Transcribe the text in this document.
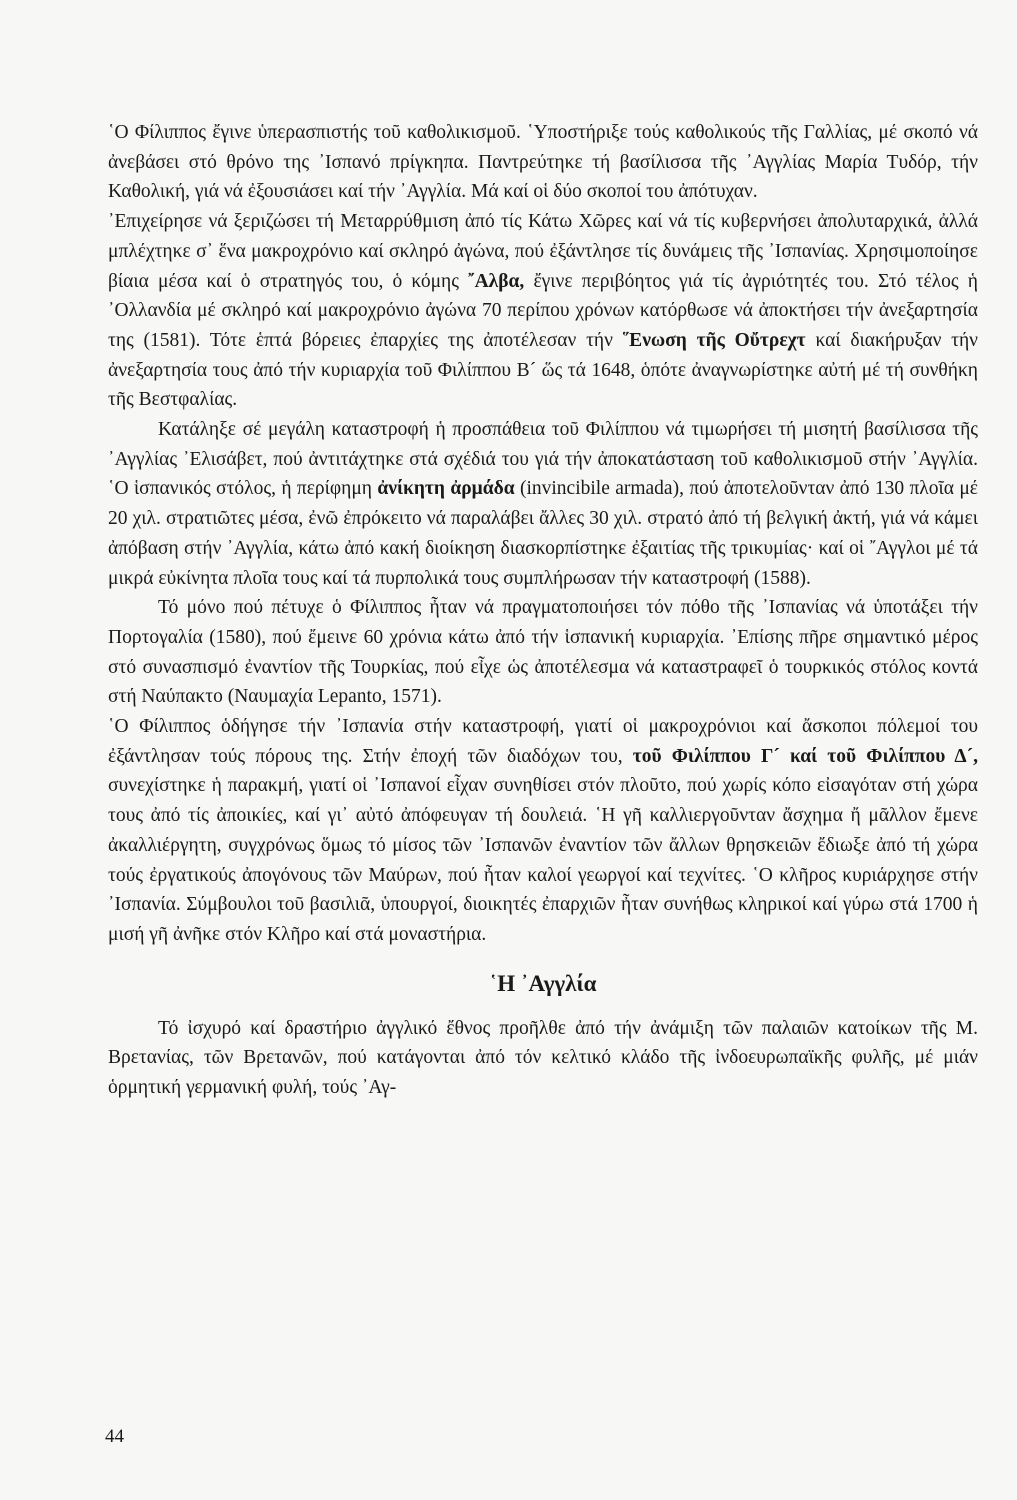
῾Ο Φίλιππος ἔγινε ὑπερασπιστής τοῦ καθολικισμοῦ. ῾Υποστήριξε τούς καθολικούς τῆς Γαλλίας, μέ σκοπό νά ἀνεβάσει στό θρόνο της ᾽Ισπανό πρίγκηπα. Παντρεύτηκε τή βασίλισσα τῆς ᾽Αγγλίας Μαρία Τυδόρ, τήν Καθολική, γιά νά ἐξουσιάσει καί τήν ᾽Αγγλία. Μά καί οἱ δύο σκοποί του ἀπότυχαν.

᾽Επιχείρησε νά ξεριζώσει τή Μεταρρύθμιση ἀπό τίς Κάτω Χῶρες καί νά τίς κυβερνήσει ἀπολυταρχικά, ἀλλά μπλέχτηκε σ᾽ ἕνα μακροχρόνιο καί σκληρό ἀγώνα, πού ἐξάντλησε τίς δυνάμεις τῆς ᾽Ισπανίας. Χρησιμοποίησε βίαια μέσα καί ὁ στρατηγός του, ὁ κόμης ῎Αλβα, ἔγινε περιβόητος γιά τίς ἀγριότητές του. Στό τέλος ἡ ᾽Ολλανδία μέ σκληρό καί μακροχρόνιο ἀγώνα 70 περίπου χρόνων κατόρθωσε νά ἀποκτήσει τήν ἀνεξαρτησία της (1581). Τότε ἑπτά βόρειες ἐπαρχίες της ἀποτέλεσαν τήν ῞Ενωση τῆς Οὔτρεχτ καί διακήρυξαν τήν ἀνεξαρτησία τους ἀπό τήν κυριαρχία τοῦ Φιλίππου Β´ ὥς τά 1648, ὁπότε ἀναγνωρίστηκε αὐτή μέ τή συνθήκη τῆς Βεστφαλίας.

Κατάληξε σέ μεγάλη καταστροφή ἡ προσπάθεια τοῦ Φιλίππου νά τιμωρήσει τή μισητή βασίλισσα τῆς ᾽Αγγλίας ᾽Ελισάβετ, πού ἀντιτάχτηκε στά σχέδιά του γιά τήν ἀποκατάσταση τοῦ καθολικισμοῦ στήν ᾽Αγγλία. ῾Ο ἱσπανικός στόλος, ἡ περίφημη ἀνίκητη ἀρμάδα (invincibile armada), πού ἀποτελοῦνταν ἀπό 130 πλοῖα μέ 20 χιλ. στρατιῶτες μέσα, ἐνῶ ἐπρόκειτο νά παραλάβει ἄλλες 30 χιλ. στρατό ἀπό τή βελγική ἀκτή, γιά νά κάμει ἀπόβαση στήν ᾽Αγγλία, κάτω ἀπό κακή διοίκηση διασκορπίστηκε ἐξαιτίας τῆς τρικυμίας· καί οἱ ῎Αγγλοι μέ τά μικρά εὐκίνητα πλοῖα τους καί τά πυρπολικά τους συμπλήρωσαν τήν καταστροφή (1588).

Τό μόνο πού πέτυχε ὁ Φίλιππος ἦταν νά πραγματοποιήσει τόν πόθο τῆς ᾽Ισπανίας νά ὑποτάξει τήν Πορτογαλία (1580), πού ἔμεινε 60 χρόνια κάτω ἀπό τήν ἱσπανική κυριαρχία. ᾽Επίσης πῆρε σημαντικό μέρος στό συνασπισμό ἐναντίον τῆς Τουρκίας, πού εἶχε ὡς ἀποτέλεσμα νά καταστραφεῖ ὁ τουρκικός στόλος κοντά στή Ναύπακτο (Ναυμαχία Lepanto, 1571).

῾Ο Φίλιππος ὁδήγησε τήν ᾽Ισπανία στήν καταστροφή, γιατί οἱ μακροχρόνιοι καί ἄσκοποι πόλεμοί του ἐξάντλησαν τούς πόρους της. Στήν ἐποχή τῶν διαδόχων του, τοῦ Φιλίππου Γ´ καί τοῦ Φιλίππου Δ´, συνεχίστηκε ἡ παρακμή, γιατί οἱ ᾽Ισπανοί εἶχαν συνηθίσει στόν πλοῦτο, πού χωρίς κόπο εἰσαγόταν στή χώρα τους ἀπό τίς ἀποικίες, καί γι᾽ αὐτό ἀπόφευγαν τή δουλειά. ῾Η γῆ καλλιεργοῦνταν ἄσχημα ἤ μᾶλλον ἔμενε ἀκαλλιέργητη, συγχρόνως ὅμως τό μίσος τῶν ᾽Ισπανῶν ἐναντίον τῶν ἄλλων θρησκειῶν ἔδιωξε ἀπό τή χώρα τούς ἐργατικούς ἀπογόνους τῶν Μαύρων, πού ἦταν καλοί γεωργοί καί τεχνίτες. ῾Ο κλῆρος κυριάρχησε στήν ᾽Ισπανία. Σύμβουλοι τοῦ βασιλιᾶ, ὑπουργοί, διοικητές ἐπαρχιῶν ἦταν συνήθως κληρικοί καί γύρω στά 1700 ἡ μισή γῆ ἀνῆκε στόν Κλῆρο καί στά μοναστήρια.

῾Η ᾽Αγγλία

Τό ἰσχυρό καί δραστήριο ἀγγλικό ἔθνος προῆλθε ἀπό τήν ἀνάμιξη τῶν παλαιῶν κατοίκων τῆς Μ. Βρετανίας, τῶν Βρετανῶν, πού κατάγονται ἀπό τόν κελτικό κλάδο τῆς ἰνδοευρωπαϊκῆς φυλῆς, μέ μιάν ὁρμητική γερμανική φυλή, τούς ᾽Αγ-

44
